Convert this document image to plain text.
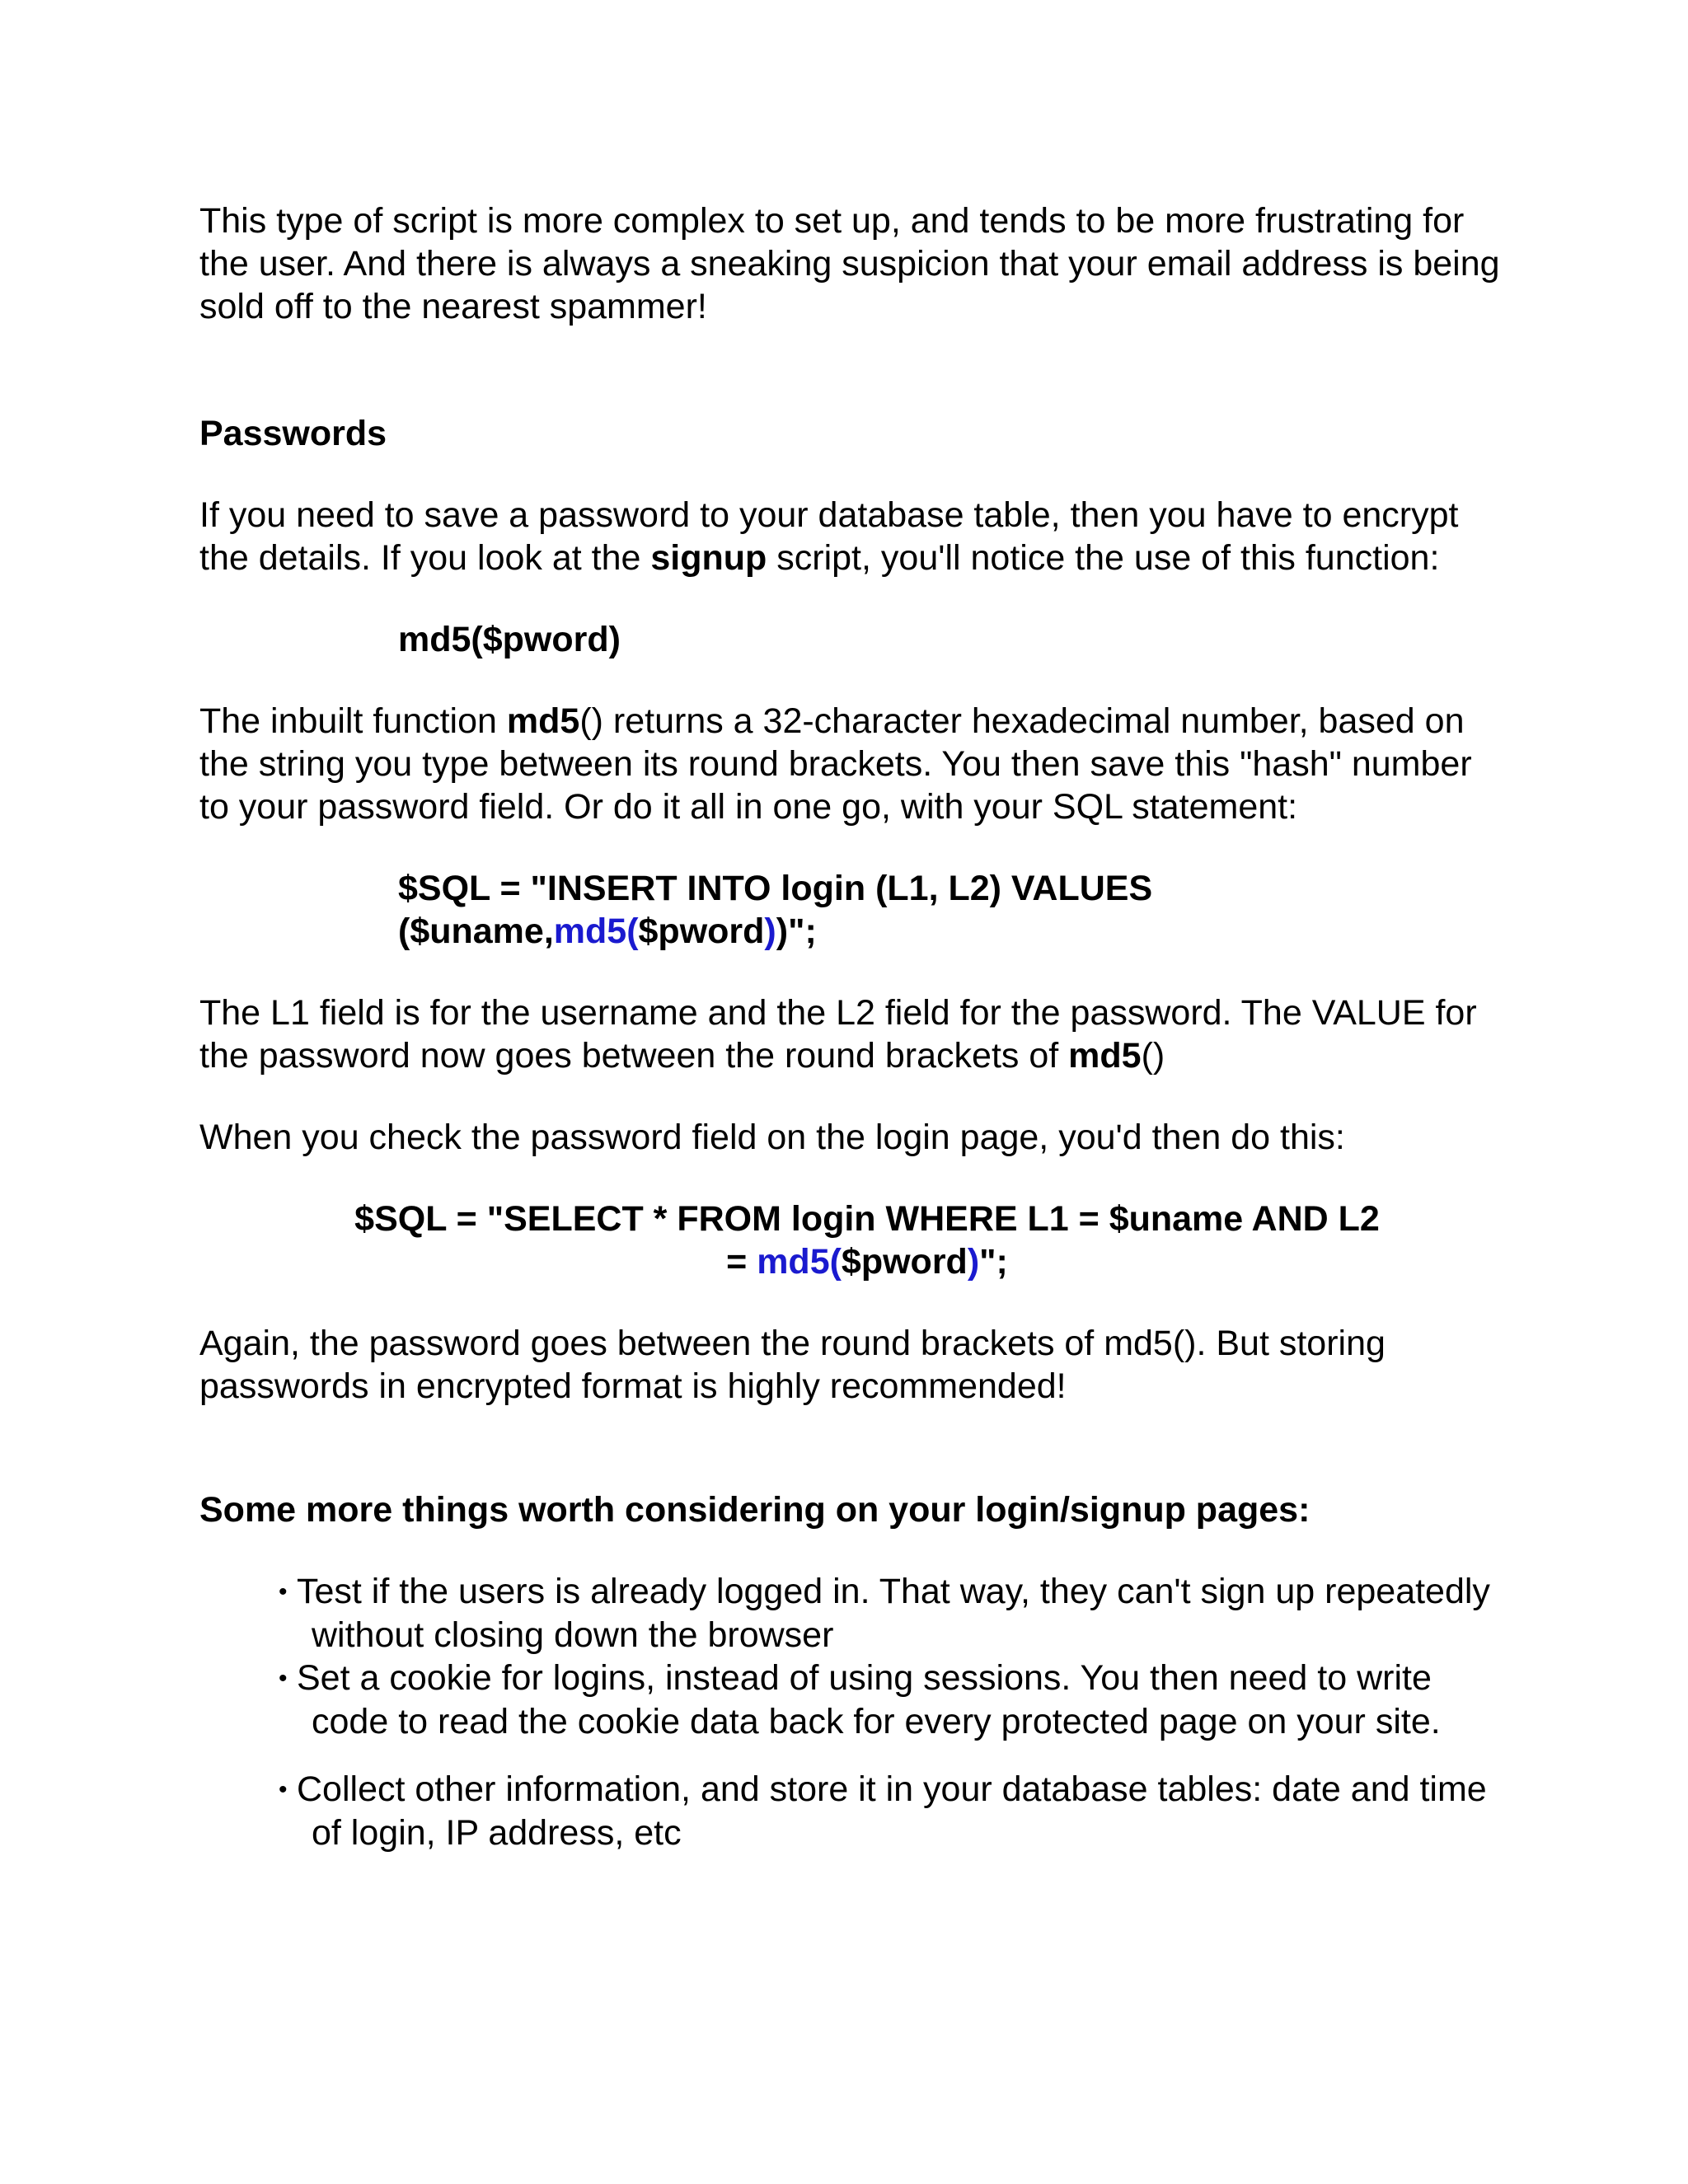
This type of script is more complex to set up, and tends to be more frustrating for the user. And there is always a sneaking suspicion that your email address is being sold off to the nearest spammer!

Passwords

If you need to save a password to your database table, then you have to encrypt the details. If you look at the signup script, you'll notice the use of this function:

md5($pword)

The inbuilt function md5() returns a 32-character hexadecimal number, based on the string you type between its round brackets. You then save this "hash" number to your password field. Or do it all in one go, with your SQL statement:

$SQL = "INSERT INTO login (L1, L2) VALUES
($uname,md5($pword))";

The L1 field is for the username and the L2 field for the password. The VALUE for the password now goes between the round brackets of md5()

When you check the password field on the login page, you'd then do this:

$SQL = "SELECT * FROM login WHERE L1 = $uname AND L2
= md5($pword)";

Again, the password goes between the round brackets of md5(). But storing passwords in encrypted format is highly recommended!

Some more things worth considering on your login/signup pages:

• Test if the users is already logged in. That way, they can't sign up repeatedly without closing down the browser
• Set a cookie for logins, instead of using sessions. You then need to write code to read the cookie data back for every protected page on your site.
• Collect other information, and store it in your database tables: date and time of login, IP address, etc
